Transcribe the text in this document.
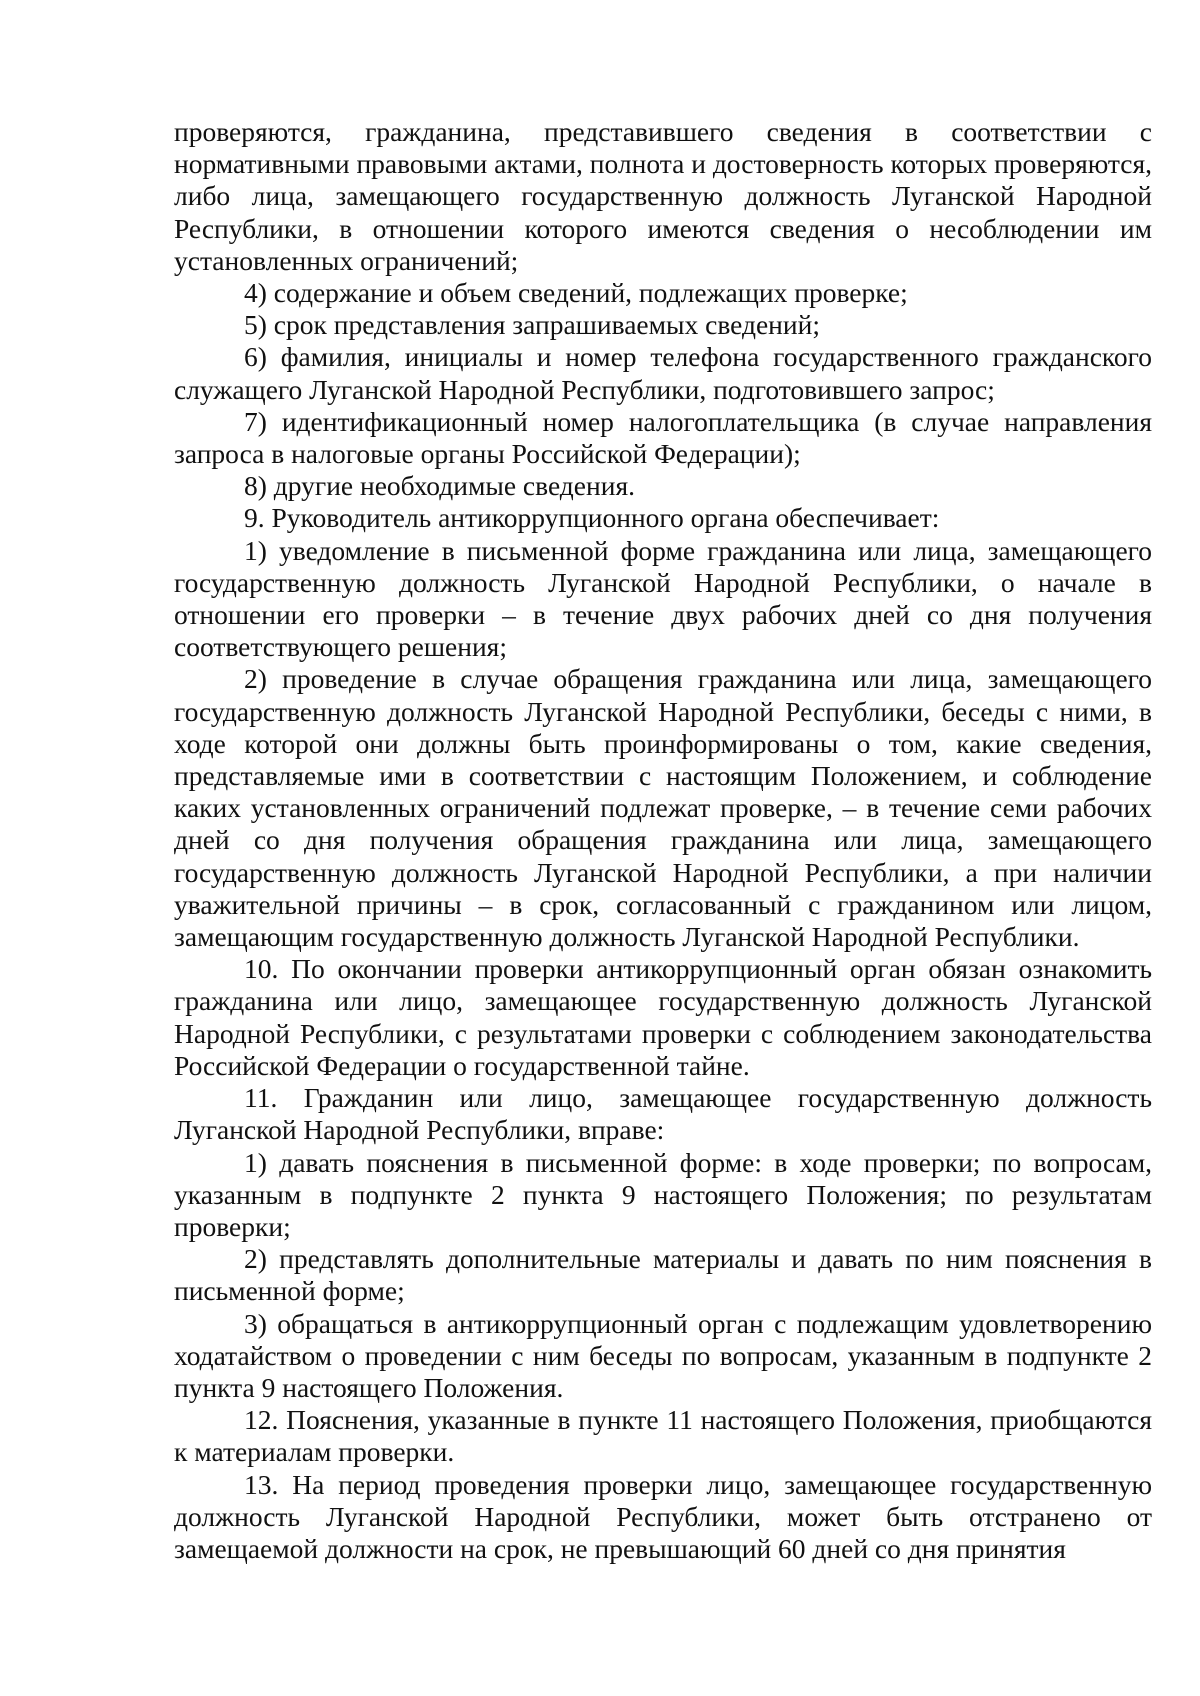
проверяются, гражданина, представившего сведения в соответствии с нормативными правовыми актами, полнота и достоверность которых проверяются, либо лица, замещающего государственную должность Луганской Народной Республики, в отношении которого имеются сведения о несоблюдении им установленных ограничений;

4) содержание и объем сведений, подлежащих проверке;

5) срок представления запрашиваемых сведений;

6) фамилия, инициалы и номер телефона государственного гражданского служащего Луганской Народной Республики, подготовившего запрос;

7) идентификационный номер налогоплательщика (в случае направления запроса в налоговые органы Российской Федерации);

8) другие необходимые сведения.

9. Руководитель антикоррупционного органа обеспечивает:

1) уведомление в письменной форме гражданина или лица, замещающего государственную должность Луганской Народной Республики, о начале в отношении его проверки – в течение двух рабочих дней со дня получения соответствующего решения;

2) проведение в случае обращения гражданина или лица, замещающего государственную должность Луганской Народной Республики, беседы с ними, в ходе которой они должны быть проинформированы о том, какие сведения, представляемые ими в соответствии с настоящим Положением, и соблюдение каких установленных ограничений подлежат проверке, – в течение семи рабочих дней со дня получения обращения гражданина или лица, замещающего государственную должность Луганской Народной Республики, а при наличии уважительной причины – в срок, согласованный с гражданином или лицом, замещающим государственную должность Луганской Народной Республики.

10. По окончании проверки антикоррупционный орган обязан ознакомить гражданина или лицо, замещающее государственную должность Луганской Народной Республики, с результатами проверки с соблюдением законодательства Российской Федерации о государственной тайне.

11. Гражданин или лицо, замещающее государственную должность Луганской Народной Республики, вправе:

1) давать пояснения в письменной форме: в ходе проверки; по вопросам, указанным в подпункте 2 пункта 9 настоящего Положения; по результатам проверки;

2) представлять дополнительные материалы и давать по ним пояснения в письменной форме;

3) обращаться в антикоррупционный орган с подлежащим удовлетворению ходатайством о проведении с ним беседы по вопросам, указанным в подпункте 2 пункта 9 настоящего Положения.

12. Пояснения, указанные в пункте 11 настоящего Положения, приобщаются к материалам проверки.

13. На период проведения проверки лицо, замещающее государственную должность Луганской Народной Республики, может быть отстранено от замещаемой должности на срок, не превышающий 60 дней со дня принятия
